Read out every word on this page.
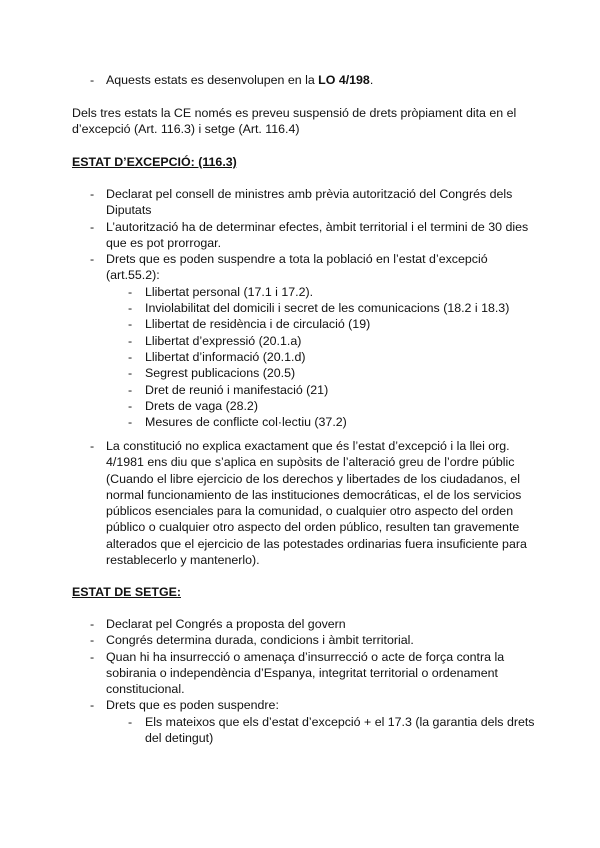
- Aquests estats es desenvolupen en la LO 4/198.
Dels tres estats la CE només es preveu suspensió de drets pròpiament dita en el d’excepció (Art. 116.3) i setge (Art. 116.4)
ESTAT D’EXCEPCIÓ: (116.3)
- Declarat pel consell de ministres amb prèvia autorització del Congrés dels Diputats
- L’autorització ha de determinar efectes, àmbit territorial i el termini de 30 dies que es pot prorrogar.
- Drets que es poden suspendre a tota la població en l’estat d’excepció (art.55.2):
- Llibertat personal (17.1 i 17.2).
- Inviolabilitat del domicili i secret de les comunicacions (18.2 i 18.3)
- Llibertat de residència i de circulació (19)
- Llibertat d’expressió (20.1.a)
- Llibertat d’informació (20.1.d)
- Segrest publicacions (20.5)
- Dret de reunió i manifestació (21)
- Drets de vaga (28.2)
- Mesures de conflicte col·lectiu (37.2)
- La constitució no explica exactament que és l’estat d’excepció i la llei org. 4/1981 ens diu que s’aplica en supòsits de l’alteració greu de l’ordre públic (Cuando el libre ejercicio de los derechos y libertades de los ciudadanos, el normal funcionamiento de las instituciones democráticas, el de los servicios públicos esenciales para la comunidad, o cualquier otro aspecto del orden público o cualquier otro aspecto del orden público, resulten tan gravemente alterados que el ejercicio de las potestades ordinarias fuera insuficiente para restablecerlo y mantenerlo).
ESTAT DE SETGE:
- Declarat pel Congrés a proposta del govern
- Congrés determina durada, condicions i àmbit territorial.
- Quan hi ha insurrecció o amenaça d’insurrecció o acte de força contra la sobirania o independència d’Espanya, integritat territorial o ordenament constitucional.
- Drets que es poden suspendre:
- Els mateixos que els d’estat d’excepció + el 17.3 (la garantia dels drets del detingut)
